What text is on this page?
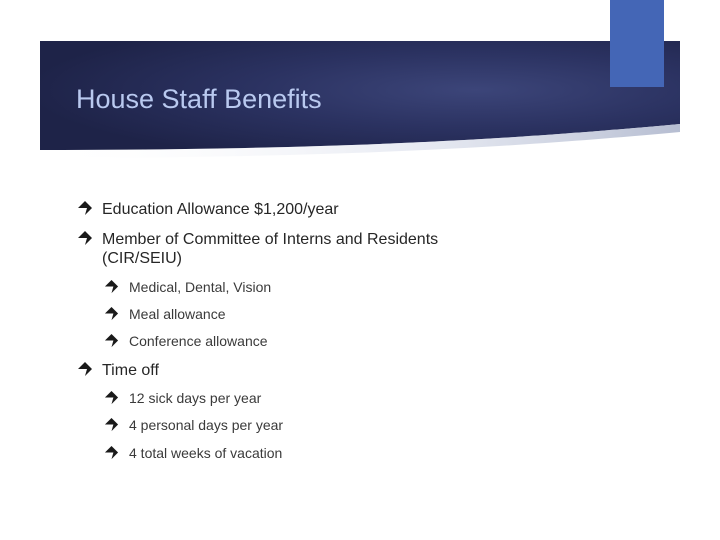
House Staff Benefits
Education Allowance $1,200/year
Member of Committee of Interns and Residents
(CIR/SEIU)
Medical, Dental, Vision
Meal allowance
Conference allowance
Time off
12 sick days per year
4 personal days per year
4 total weeks of vacation
